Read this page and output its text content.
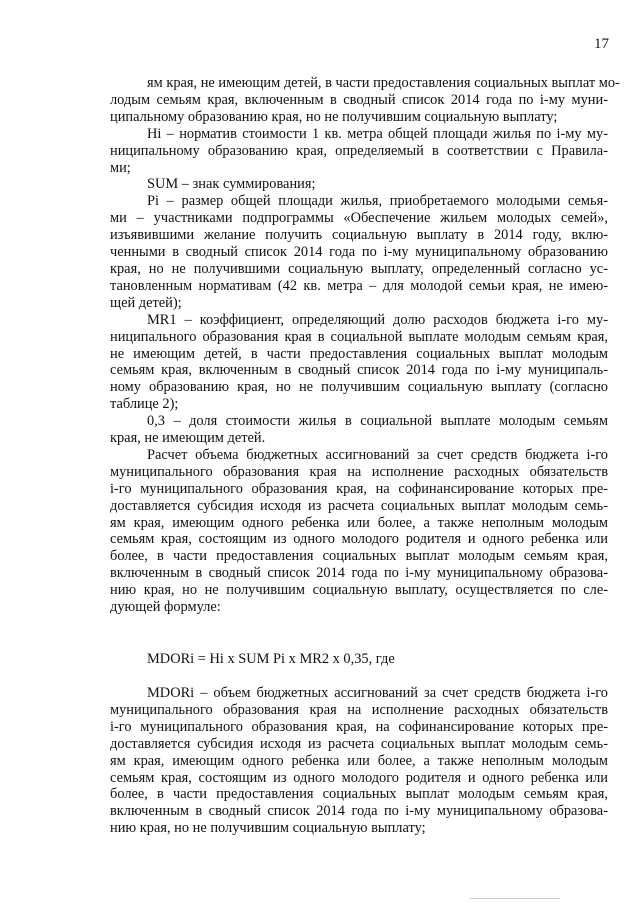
17
ям края, не имеющим детей, в части предоставления социальных выплат мо-
лодым семьям края, включенным в сводный список 2014 года по i-му муни-
ципальному образованию края, но не получившим социальную выплату;
Hi – норматив стоимости 1 кв. метра общей площади жилья по i-му му-
ниципальному образованию края, определяемый в соответствии с Правила-
ми;
SUM – знак суммирования;
Pi – размер общей площади жилья, приобретаемого молодыми семья-
ми – участниками подпрограммы «Обеспечение жильем молодых семей»,
изъявившими желание получить социальную выплату в 2014 году, вклю-
ченными в сводный список 2014 года по i-му муниципальному образованию
края, но не получившими социальную выплату, определенный согласно ус-
тановленным нормативам (42 кв. метра – для молодой семьи края, не имею-
щей детей);
MR1 – коэффициент, определяющий долю расходов бюджета i-го му-
ниципального образования края в социальной выплате молодым семьям края,
не имеющим детей, в части предоставления социальных выплат молодым
семьям края, включенным в сводный список 2014 года по i-му муниципаль-
ному образованию края, но не получившим социальную выплату (согласно
таблице 2);
0,3 – доля стоимости жилья в социальной выплате молодым семьям
края, не имеющим детей.
Расчет объема бюджетных ассигнований за счет средств бюджета i-го
муниципального образования края на исполнение расходных обязательств
i-го муниципального образования края, на софинансирование которых пре-
доставляется субсидия исходя из расчета социальных выплат молодым семь-
ям края, имеющим одного ребенка или более, а также неполным молодым
семьям края, состоящим из одного молодого родителя и одного ребенка или
более, в части предоставления социальных выплат молодым семьям края,
включенным в сводный список 2014 года по i-му муниципальному образова-
нию края, но не получившим социальную выплату, осуществляется по сле-
дующей формуле:
MDORi = Hi x SUM Pi x MR2 x 0,35, где
MDORi – объем бюджетных ассигнований за счет средств бюджета i-го
муниципального образования края на исполнение расходных обязательств
i-го муниципального образования края, на софинансирование которых пре-
доставляется субсидия исходя из расчета социальных выплат молодым семь-
ям края, имеющим одного ребенка или более, а также неполным молодым
семьям края, состоящим из одного молодого родителя и одного ребенка или
более, в части предоставления социальных выплат молодым семьям края,
включенным в сводный список 2014 года по i-му муниципальному образова-
нию края, но не получившим социальную выплату;
